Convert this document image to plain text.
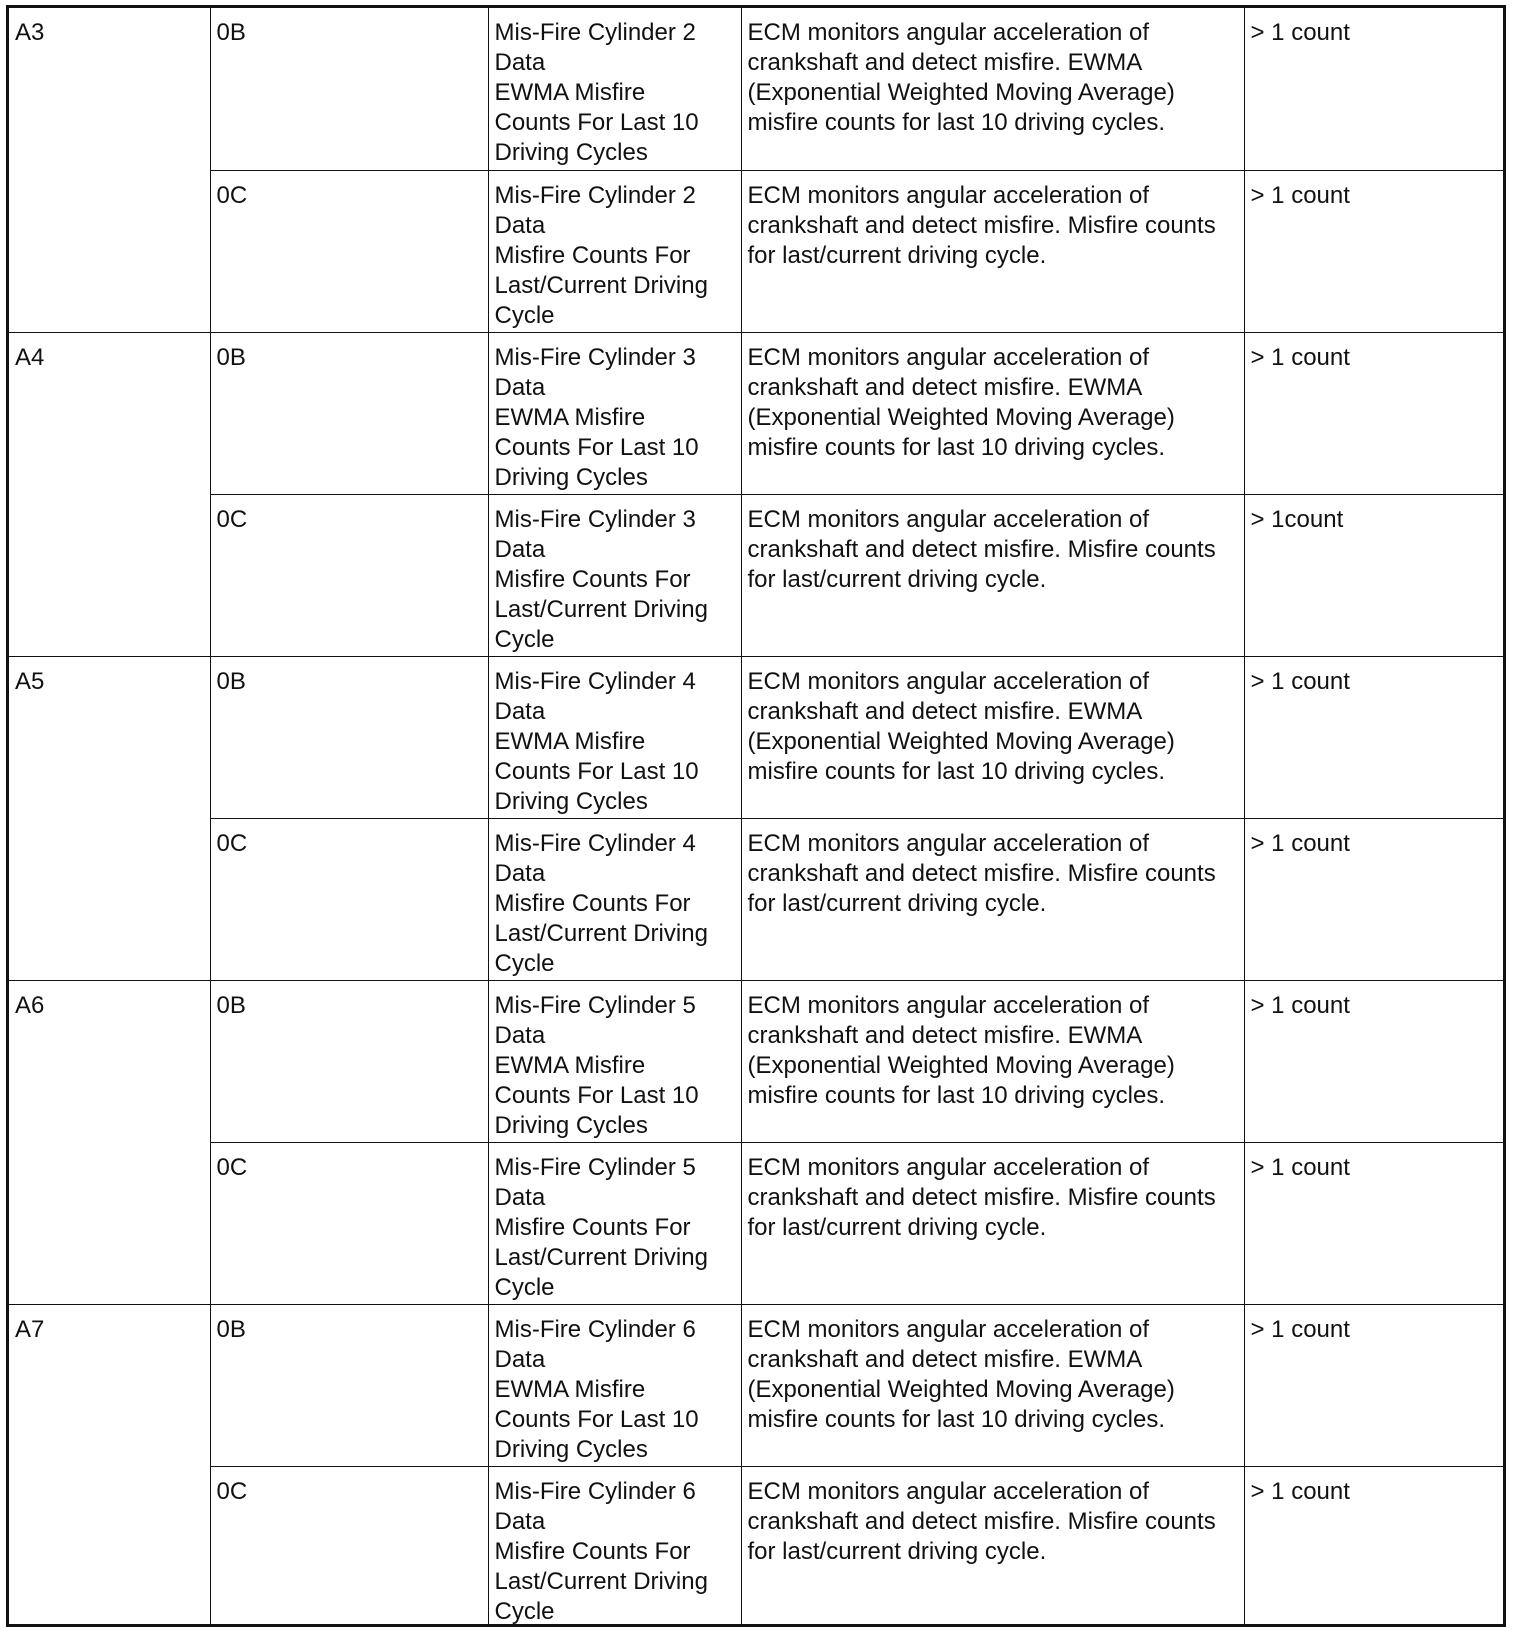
A3	0B	Mis-Fire Cylinder 2
Data
EWMA Misfire
Counts For Last 10
Driving Cycles	ECM monitors angular acceleration of
crankshaft and detect misfire. EWMA
(Exponential Weighted Moving Average)
misfire counts for last 10 driving cycles.	> 1 count
	0C	Mis-Fire Cylinder 2
Data
Misfire Counts For
Last/Current Driving
Cycle	ECM monitors angular acceleration of
crankshaft and detect misfire. Misfire counts
for last/current driving cycle.	> 1 count
A4	0B	Mis-Fire Cylinder 3
Data
EWMA Misfire
Counts For Last 10
Driving Cycles	ECM monitors angular acceleration of
crankshaft and detect misfire. EWMA
(Exponential Weighted Moving Average)
misfire counts for last 10 driving cycles.	> 1 count
	0C	Mis-Fire Cylinder 3
Data
Misfire Counts For
Last/Current Driving
Cycle	ECM monitors angular acceleration of
crankshaft and detect misfire. Misfire counts
for last/current driving cycle.	> 1count
A5	0B	Mis-Fire Cylinder 4
Data
EWMA Misfire
Counts For Last 10
Driving Cycles	ECM monitors angular acceleration of
crankshaft and detect misfire. EWMA
(Exponential Weighted Moving Average)
misfire counts for last 10 driving cycles.	> 1 count
	0C	Mis-Fire Cylinder 4
Data
Misfire Counts For
Last/Current Driving
Cycle	ECM monitors angular acceleration of
crankshaft and detect misfire. Misfire counts
for last/current driving cycle.	> 1 count
A6	0B	Mis-Fire Cylinder 5
Data
EWMA Misfire
Counts For Last 10
Driving Cycles	ECM monitors angular acceleration of
crankshaft and detect misfire. EWMA
(Exponential Weighted Moving Average)
misfire counts for last 10 driving cycles.	> 1 count
	0C	Mis-Fire Cylinder 5
Data
Misfire Counts For
Last/Current Driving
Cycle	ECM monitors angular acceleration of
crankshaft and detect misfire. Misfire counts
for last/current driving cycle.	> 1 count
A7	0B	Mis-Fire Cylinder 6
Data
EWMA Misfire
Counts For Last 10
Driving Cycles	ECM monitors angular acceleration of
crankshaft and detect misfire. EWMA
(Exponential Weighted Moving Average)
misfire counts for last 10 driving cycles.	> 1 count
	0C	Mis-Fire Cylinder 6
Data
Misfire Counts For
Last/Current Driving
Cycle	ECM monitors angular acceleration of
crankshaft and detect misfire. Misfire counts
for last/current driving cycle.	> 1 count
